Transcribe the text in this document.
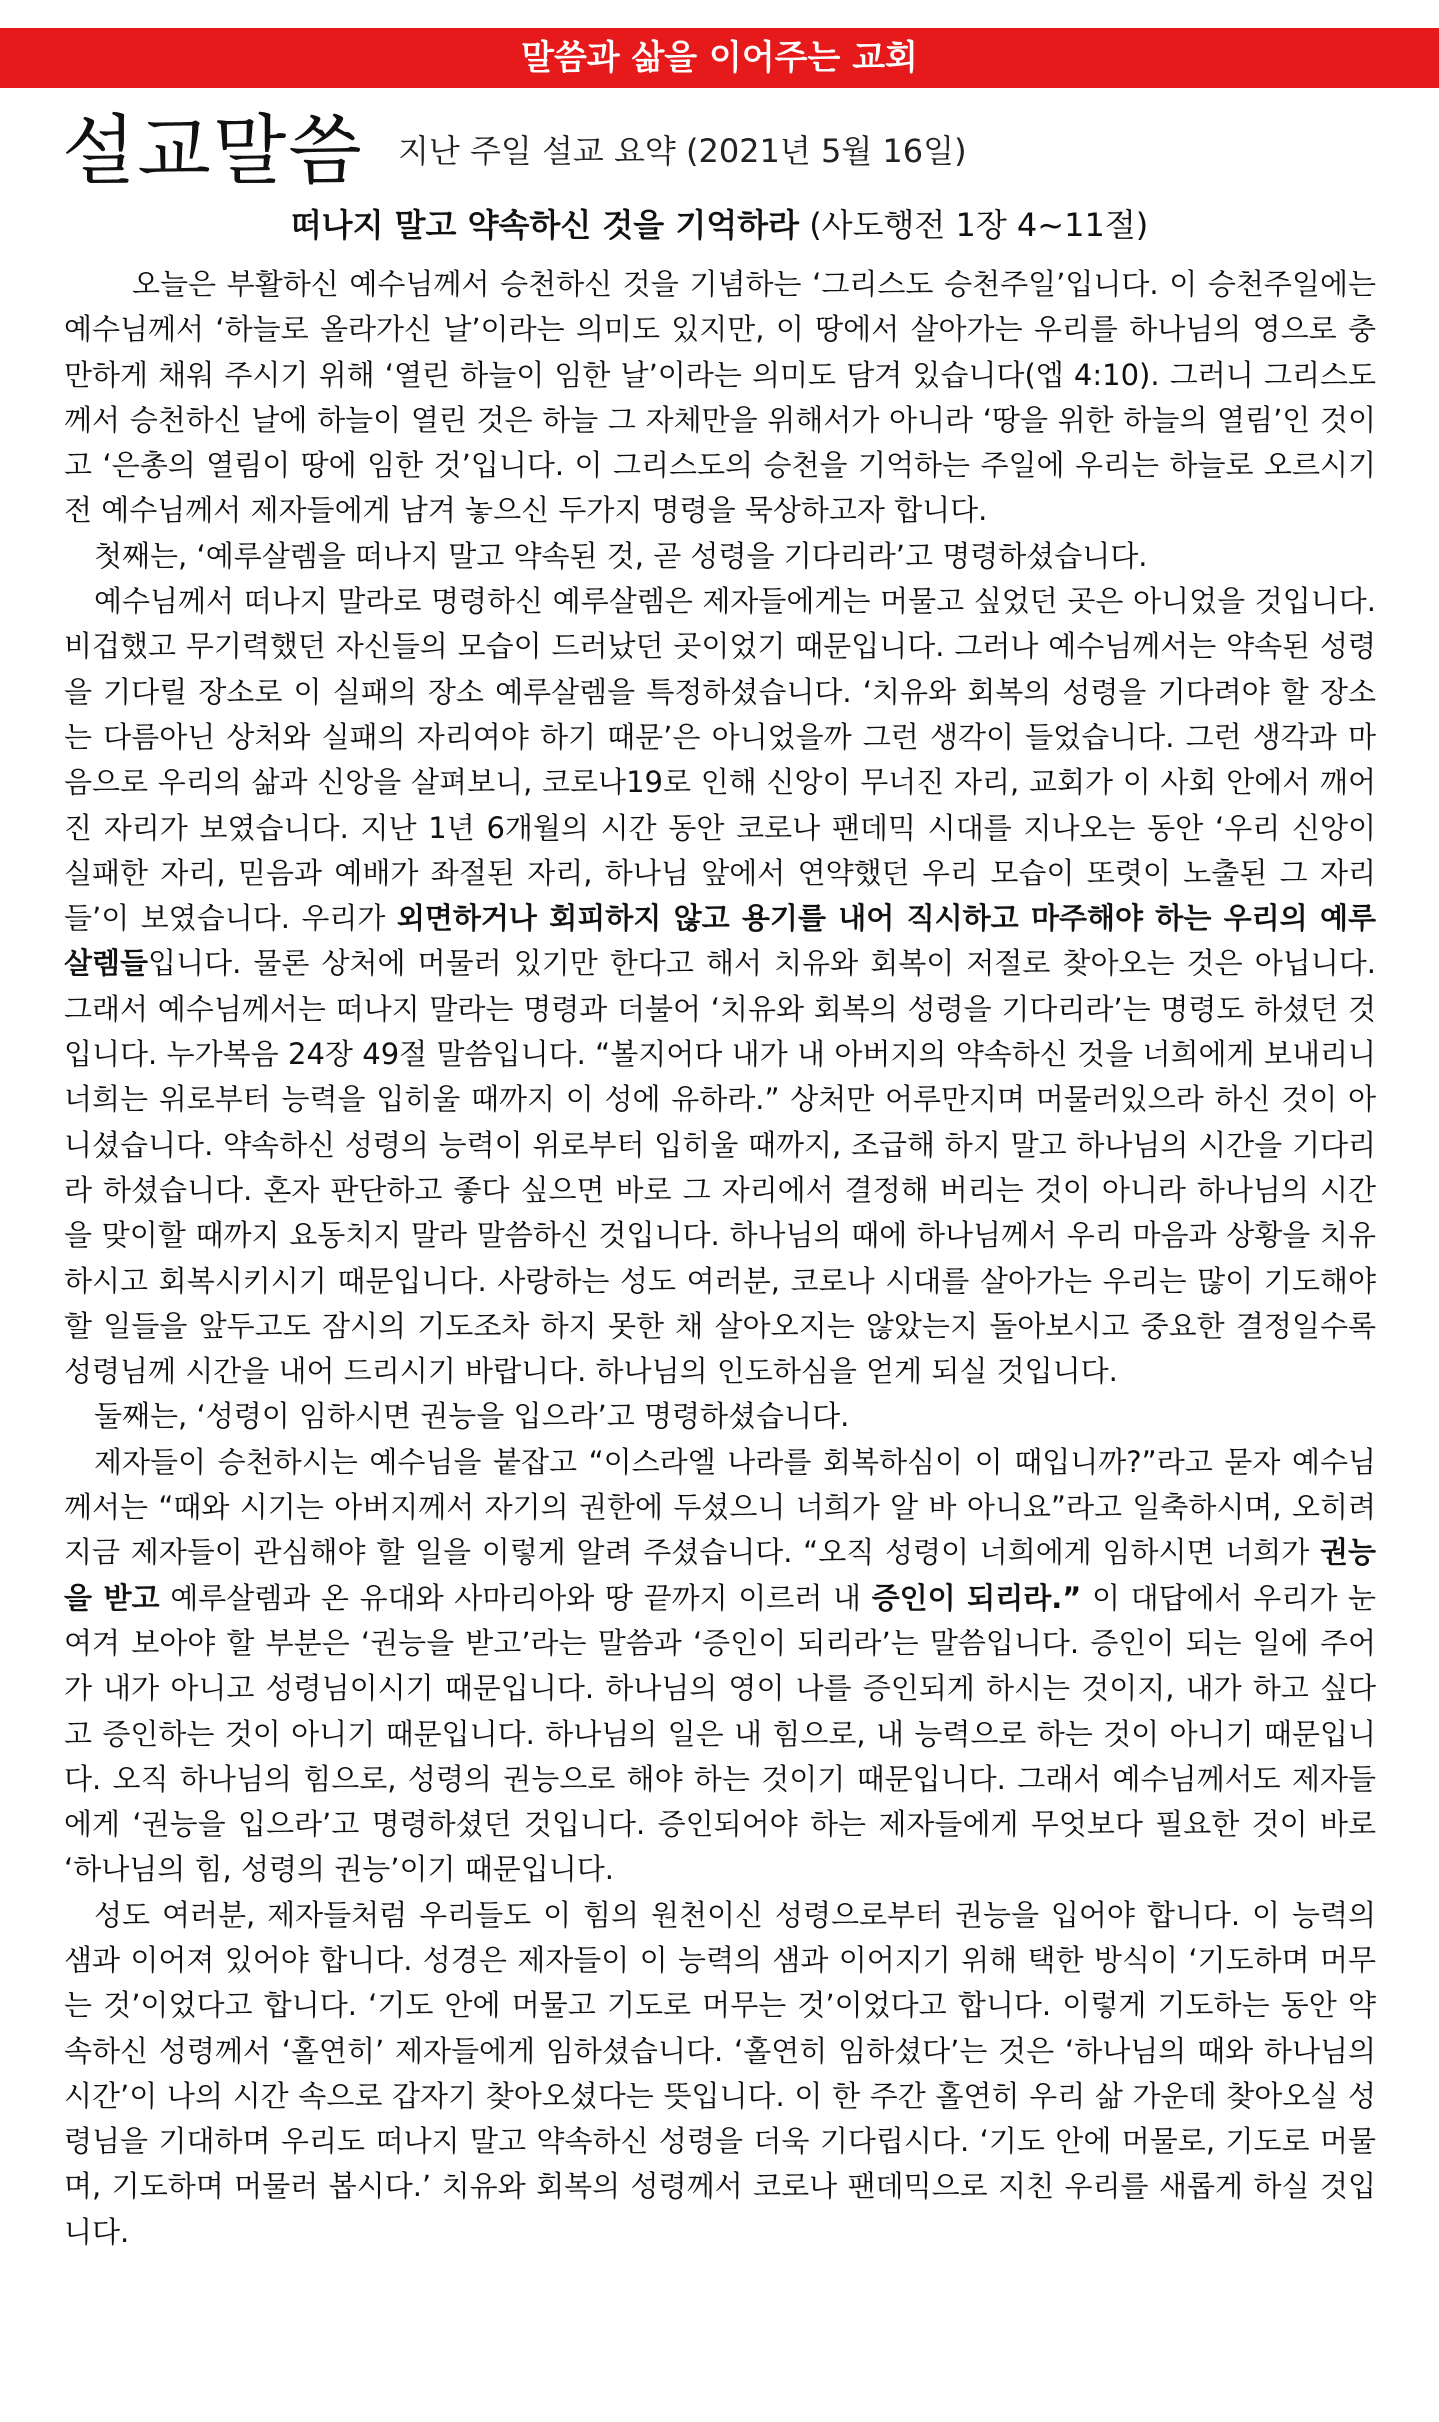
말씀과 삶을 이어주는 교회
설교말씀 지난 주일 설교 요약 (2021년 5월 16일)
떠나지 말고 약속하신 것을 기억하라 (사도행전 1장 4~11절)

오늘은 부활하신 예수님께서 승천하신 것을 기념하는 ‘그리스도 승천주일’입니다. 이 승천주일에는 예수님께서 ‘하늘로 올라가신 날’이라는 의미도 있지만, 이 땅에서 살아가는 우리를 하나님의 영으로 충만하게 채워 주시기 위해 ‘열린 하늘이 임한 날’이라는 의미도 담겨 있습니다(엡 4:10). 그러니 그리스도께서 승천하신 날에 하늘이 열린 것은 하늘 그 자체만을 위해서가 아니라 ‘땅을 위한 하늘의 열림’인 것이고 ‘은총의 열림이 땅에 임한 것’입니다. 이 그리스도의 승천을 기억하는 주일에 우리는 하늘로 오르시기 전 예수님께서 제자들에게 남겨 놓으신 두가지 명령을 묵상하고자 합니다.

첫째는, ‘예루살렘을 떠나지 말고 약속된 것, 곧 성령을 기다리라’고 명령하셨습니다.

예수님께서 떠나지 말라로 명령하신 예루살렘은 제자들에게는 머물고 싶었던 곳은 아니었을 것입니다. 비겁했고 무기력했던 자신들의 모습이 드러났던 곳이었기 때문입니다. 그러나 예수님께서는 약속된 성령을 기다릴 장소로 이 실패의 장소 예루살렘을 특정하셨습니다. ‘치유와 회복의 성령을 기다려야 할 장소는 다름아닌 상처와 실패의 자리여야 하기 때문’은 아니었을까 그런 생각이 들었습니다. 그런 생각과 마음으로 우리의 삶과 신앙을 살펴보니, 코로나19로 인해 신앙이 무너진 자리, 교회가 이 사회 안에서 깨어진 자리가 보였습니다. 지난 1년 6개월의 시간 동안 코로나 팬데믹 시대를 지나오는 동안 ‘우리 신앙이 실패한 자리, 믿음과 예배가 좌절된 자리, 하나님 앞에서 연약했던 우리 모습이 또렷이 노출된 그 자리들’이 보였습니다. 우리가 외면하거나 회피하지 않고 용기를 내어 직시하고 마주해야 하는 우리의 예루살렘들입니다. 물론 상처에 머물러 있기만 한다고 해서 치유와 회복이 저절로 찾아오는 것은 아닙니다. 그래서 예수님께서는 떠나지 말라는 명령과 더불어 ‘치유와 회복의 성령을 기다리라’는 명령도 하셨던 것입니다. 누가복음 24장 49절 말씀입니다. “볼지어다 내가 내 아버지의 약속하신 것을 너희에게 보내리니 너희는 위로부터 능력을 입히울 때까지 이 성에 유하라.” 상처만 어루만지며 머물러있으라 하신 것이 아니셨습니다. 약속하신 성령의 능력이 위로부터 입히울 때까지, 조급해 하지 말고 하나님의 시간을 기다리라 하셨습니다. 혼자 판단하고 좋다 싶으면 바로 그 자리에서 결정해 버리는 것이 아니라 하나님의 시간을 맞이할 때까지 요동치지 말라 말씀하신 것입니다. 하나님의 때에 하나님께서 우리 마음과 상황을 치유하시고 회복시키시기 때문입니다. 사랑하는 성도 여러분, 코로나 시대를 살아가는 우리는 많이 기도해야 할 일들을 앞두고도 잠시의 기도조차 하지 못한 채 살아오지는 않았는지 돌아보시고 중요한 결정일수록 성령님께 시간을 내어 드리시기 바랍니다. 하나님의 인도하심을 얻게 되실 것입니다.

둘째는, ‘성령이 임하시면 권능을 입으라’고 명령하셨습니다.

제자들이 승천하시는 예수님을 붙잡고 “이스라엘 나라를 회복하심이 이 때입니까?”라고 묻자 예수님께서는 “때와 시기는 아버지께서 자기의 권한에 두셨으니 너희가 알 바 아니요”라고 일축하시며, 오히려 지금 제자들이 관심해야 할 일을 이렇게 알려 주셨습니다. “오직 성령이 너희에게 임하시면 너희가 권능을 받고 예루살렘과 온 유대와 사마리아와 땅 끝까지 이르러 내 증인이 되리라.” 이 대답에서 우리가 눈 여겨 보아야 할 부분은 ‘권능을 받고’라는 말씀과 ‘증인이 되리라’는 말씀입니다. 증인이 되는 일에 주어가 내가 아니고 성령님이시기 때문입니다. 하나님의 영이 나를 증인되게 하시는 것이지, 내가 하고 싶다고 증인하는 것이 아니기 때문입니다. 하나님의 일은 내 힘으로, 내 능력으로 하는 것이 아니기 때문입니다. 오직 하나님의 힘으로, 성령의 권능으로 해야 하는 것이기 때문입니다. 그래서 예수님께서도 제자들에게 ‘권능을 입으라’고 명령하셨던 것입니다. 증인되어야 하는 제자들에게 무엇보다 필요한 것이 바로 ‘하나님의 힘, 성령의 권능’이기 때문입니다.

성도 여러분, 제자들처럼 우리들도 이 힘의 원천이신 성령으로부터 권능을 입어야 합니다. 이 능력의 샘과 이어져 있어야 합니다. 성경은 제자들이 이 능력의 샘과 이어지기 위해 택한 방식이 ‘기도하며 머무는 것’이었다고 합니다. ‘기도 안에 머물고 기도로 머무는 것’이었다고 합니다. 이렇게 기도하는 동안 약속하신 성령께서 ‘홀연히’ 제자들에게 임하셨습니다. ‘홀연히 임하셨다’는 것은 ‘하나님의 때와 하나님의 시간’이 나의 시간 속으로 갑자기 찾아오셨다는 뜻입니다. 이 한 주간 홀연히 우리 삶 가운데 찾아오실 성령님을 기대하며 우리도 떠나지 말고 약속하신 성령을 더욱 기다립시다. ‘기도 안에 머물로, 기도로 머물며, 기도하며 머물러 봅시다.’ 치유와 회복의 성령께서 코로나 팬데믹으로 지친 우리를 새롭게 하실 것입니다.
